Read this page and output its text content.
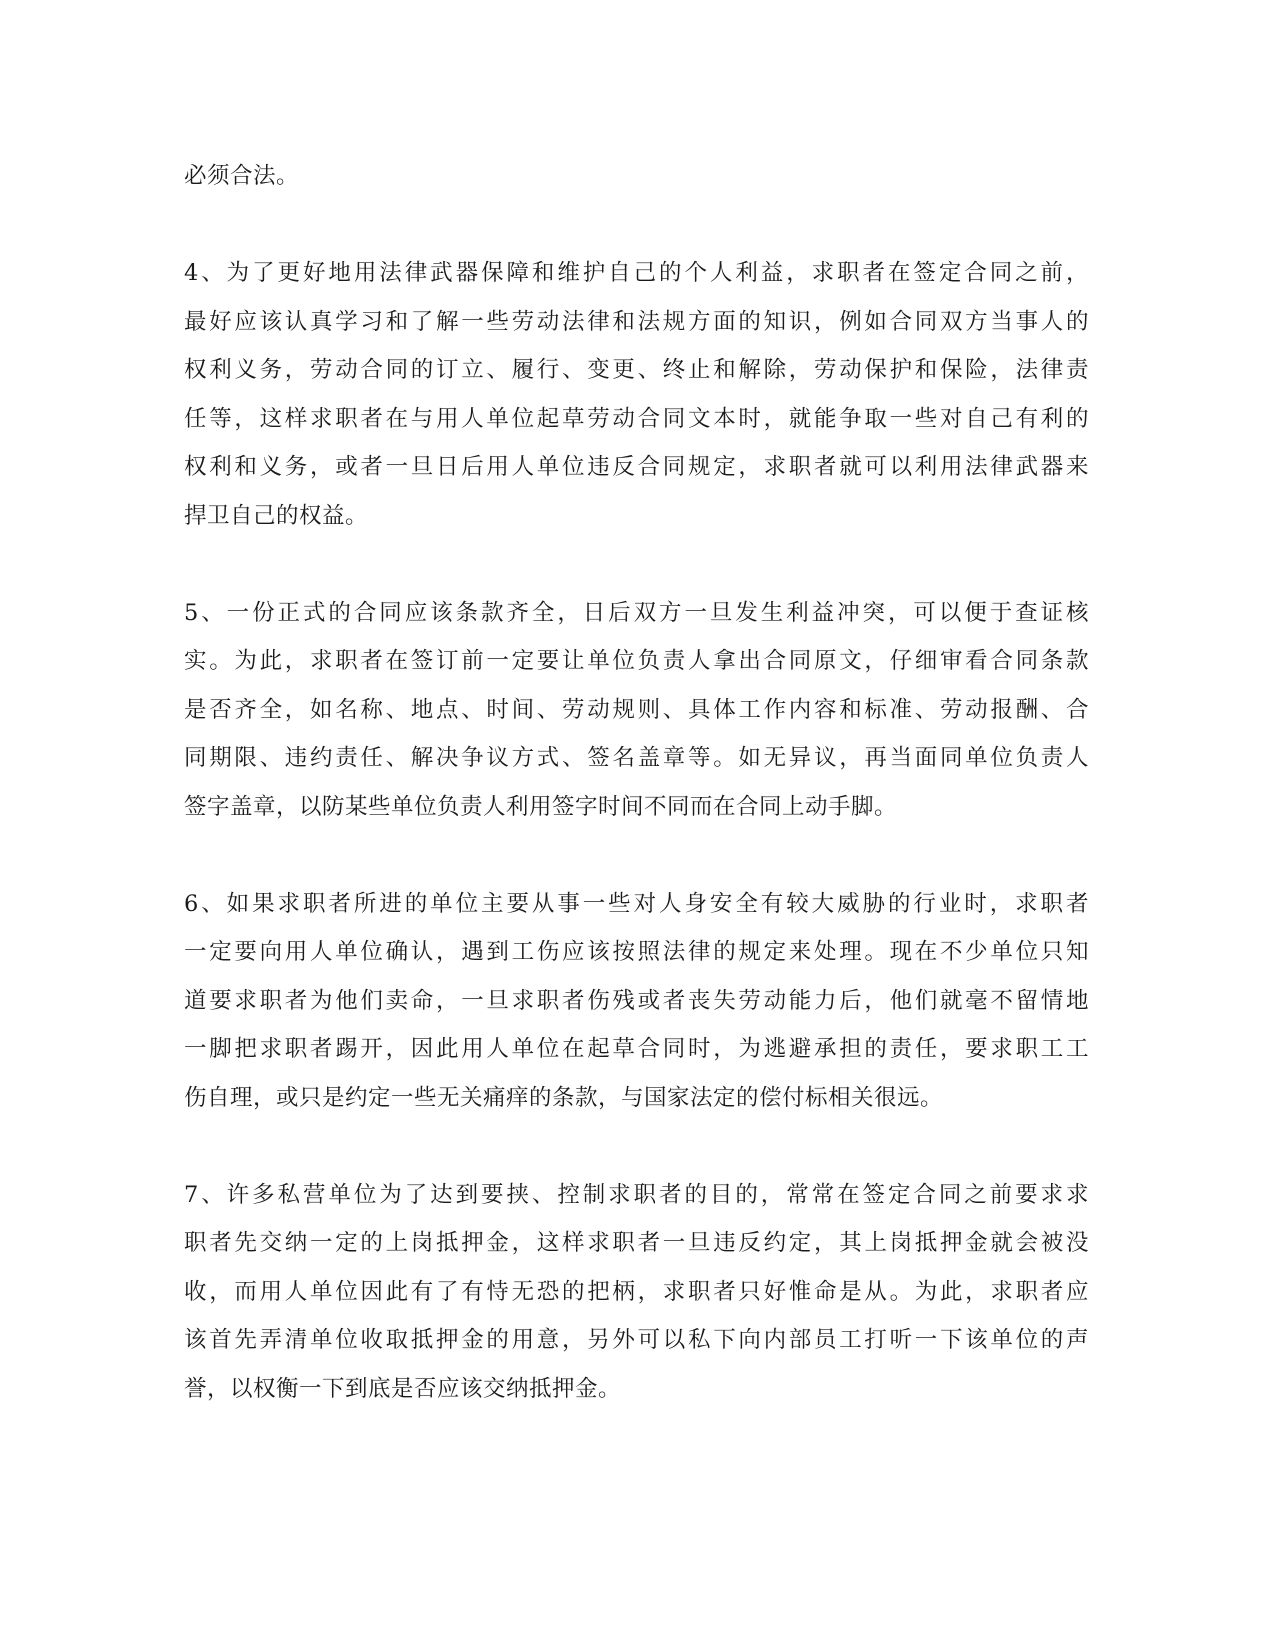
必须合法。

4、为了更好地用法律武器保障和维护自己的个人利益，求职者在签定合同之前，
最好应该认真学习和了解一些劳动法律和法规方面的知识，例如合同双方当事人的
权利义务，劳动合同的订立、履行、变更、终止和解除，劳动保护和保险，法律责
任等，这样求职者在与用人单位起草劳动合同文本时，就能争取一些对自己有利的
权利和义务，或者一旦日后用人单位违反合同规定，求职者就可以利用法律武器来
捍卫自己的权益。

5、一份正式的合同应该条款齐全，日后双方一旦发生利益冲突，可以便于查证核
实。为此，求职者在签订前一定要让单位负责人拿出合同原文，仔细审看合同条款
是否齐全，如名称、地点、时间、劳动规则、具体工作内容和标准、劳动报酬、合
同期限、违约责任、解决争议方式、签名盖章等。如无异议，再当面同单位负责人
签字盖章，以防某些单位负责人利用签字时间不同而在合同上动手脚。

6、如果求职者所进的单位主要从事一些对人身安全有较大威胁的行业时，求职者
一定要向用人单位确认，遇到工伤应该按照法律的规定来处理。现在不少单位只知
道要求职者为他们卖命，一旦求职者伤残或者丧失劳动能力后，他们就毫不留情地
一脚把求职者踢开，因此用人单位在起草合同时，为逃避承担的责任，要求职工工
伤自理，或只是约定一些无关痛痒的条款，与国家法定的偿付标相关很远。

7、许多私营单位为了达到要挟、控制求职者的目的，常常在签定合同之前要求求
职者先交纳一定的上岗抵押金，这样求职者一旦违反约定，其上岗抵押金就会被没
收，而用人单位因此有了有恃无恐的把柄，求职者只好惟命是从。为此，求职者应
该首先弄清单位收取抵押金的用意，另外可以私下向内部员工打听一下该单位的声
誉，以权衡一下到底是否应该交纳抵押金。
